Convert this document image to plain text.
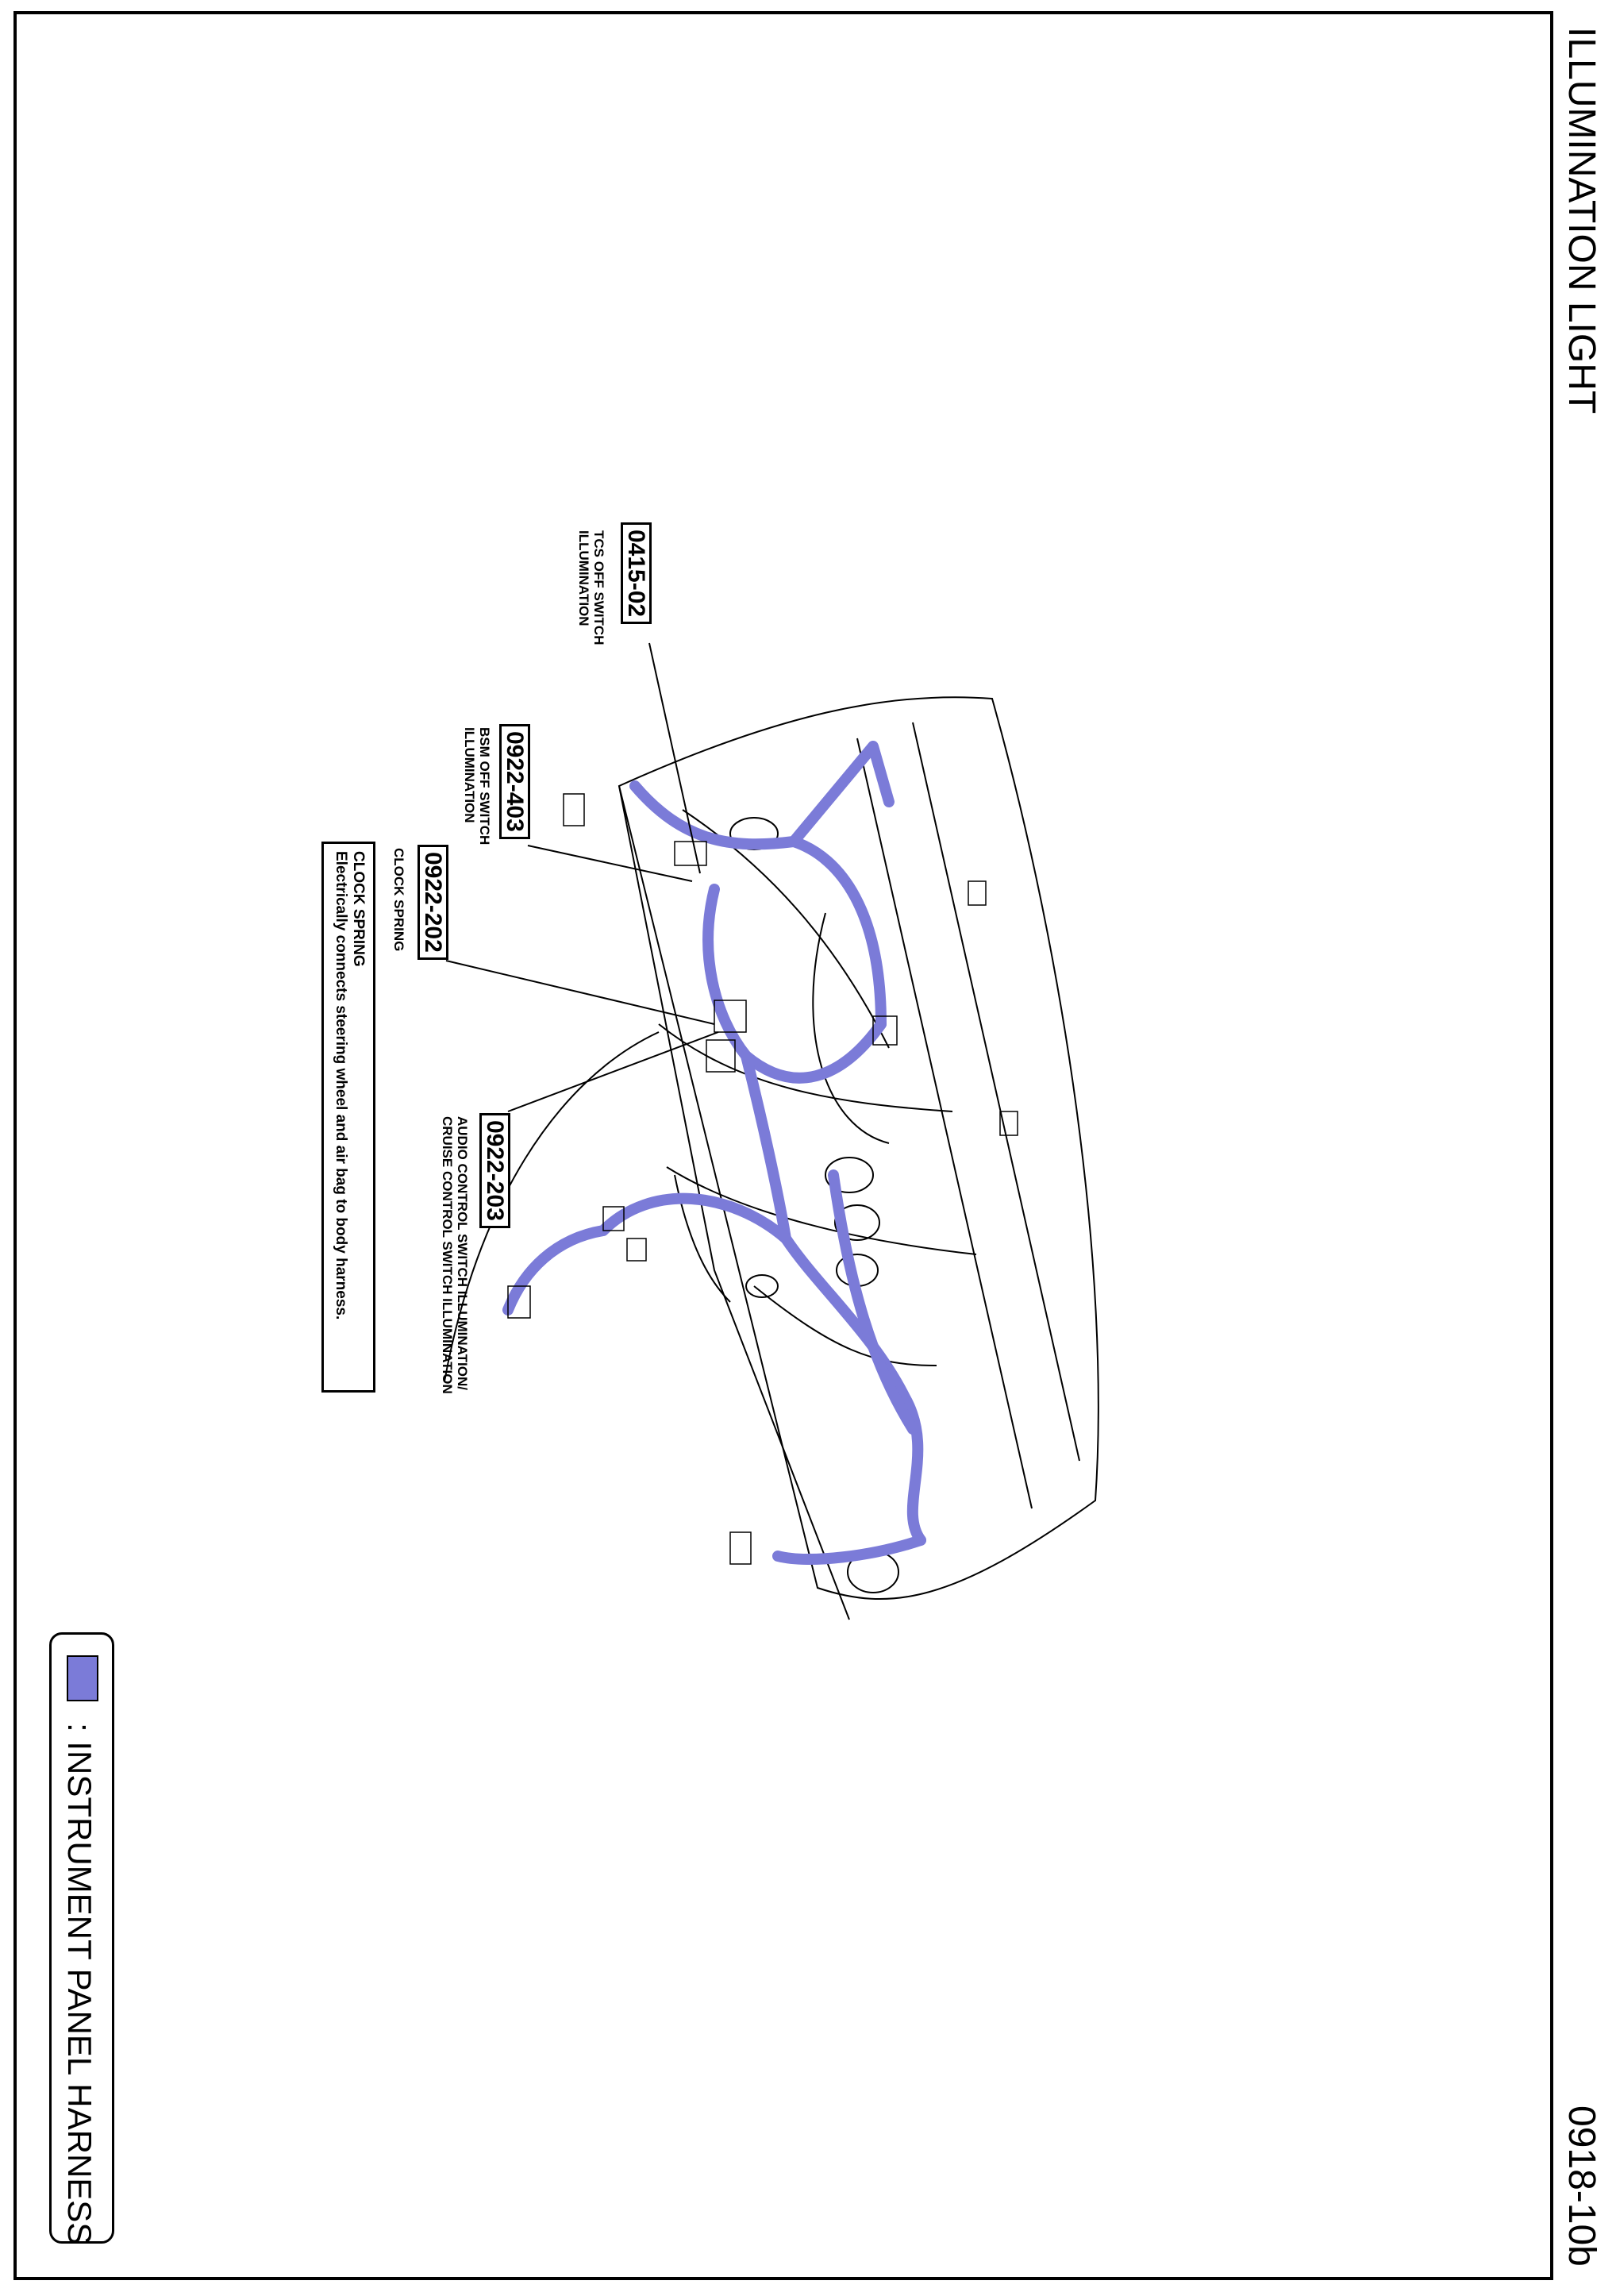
ILLUMINATION LIGHT
0918-10b
0415-02
TCS OFF SWITCH
ILLUMINATION
0922-403
BSM OFF SWITCH
ILLUMINATION
0922-202
CLOCK SPRING
0922-203
AUDIO CONTROL SWITCH ILLUMINATION/
CRUISE CONTROL SWITCH ILLUMINATION
CLOCK SPRING
Electrically connects steering wheel and air bag to body harness.
: INSTRUMENT PANEL HARNESS
